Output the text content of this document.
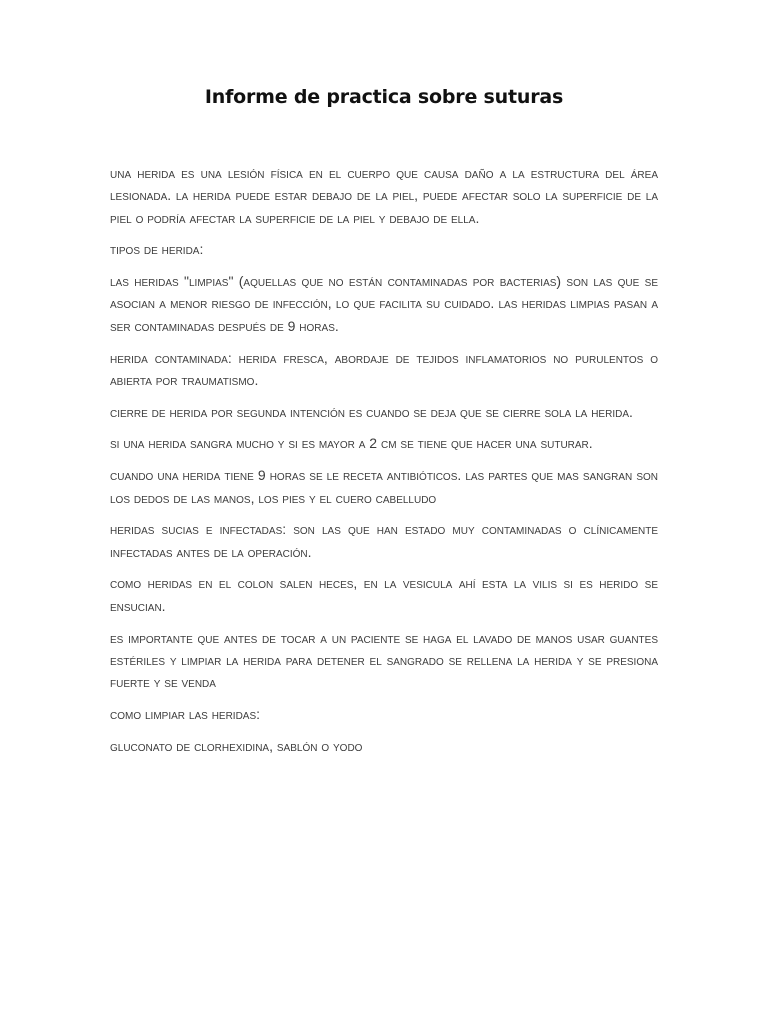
Informe de practica sobre suturas

una herida es una lesión física en el cuerpo que causa daño a la estructura del área lesionada. la herida puede estar debajo de la piel, puede afectar solo la superficie de la piel o podría afectar la superficie de la piel y debajo de ella.

tipos de herida:

las heridas "limpias" (aquellas que no están contaminadas por bacterias) son las que se asocian a menor riesgo de infección, lo que facilita su cuidado. las heridas limpias pasan a ser contaminadas después de 9 horas.

herida contaminada: herida fresca, abordaje de tejidos inflamatorios no purulentos o abierta por traumatismo.

cierre de herida por segunda intención es cuando se deja que se cierre sola la herida.

si una herida sangra mucho y si es mayor a 2 cm se tiene que hacer una suturar.

cuando una herida tiene 9 horas se le receta antibióticos. las partes que mas sangran son los dedos de las manos, los pies y el cuero cabelludo

heridas sucias e infectadas: son las que han estado muy contaminadas o clínicamente infectadas antes de la operación.

como heridas en el colon salen heces, en la vesicula ahí esta la vilis si es herido se ensucian.

es importante que antes de tocar a un paciente se haga el lavado de manos usar guantes estériles y limpiar la herida para detener el sangrado se rellena la herida y se presiona fuerte y se venda

como limpiar las heridas:

gluconato de clorhexidina, sablón o yodo
